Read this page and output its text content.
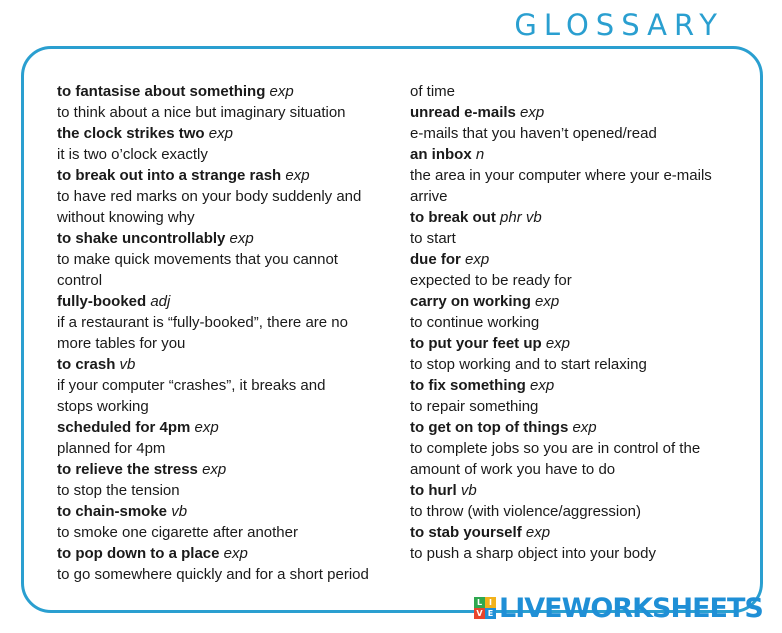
GLOSSARY
to fantasise about something exp
to think about a nice but imaginary situation
the clock strikes two exp
it is two o’clock exactly
to break out into a strange rash exp
to have red marks on your body suddenly and
without knowing why
to shake uncontrollably exp
to make quick movements that you cannot
control
fully-booked adj
if a restaurant is “fully-booked”, there are no
more tables for you
to crash vb
if your computer “crashes”, it breaks and
stops working
scheduled for 4pm exp
planned for 4pm
to relieve the stress exp
to stop the tension
to chain-smoke vb
to smoke one cigarette after another
to pop down to a place exp
to go somewhere quickly and for a short period
of time
unread e-mails exp
e-mails that you haven’t opened/read
an inbox n
the area in your computer where your e-mails
arrive
to break out phr vb
to start
due for exp
expected to be ready for
carry on working exp
to continue working
to put your feet up exp
to stop working and to start relaxing
to fix something exp
to repair something
to get on top of things exp
to complete jobs so you are in control of the
amount of work you have to do
to hurl vb
to throw (with violence/aggression)
to stab yourself exp
to push a sharp object into your body
L I
V E LIVEWORKSHEETS
